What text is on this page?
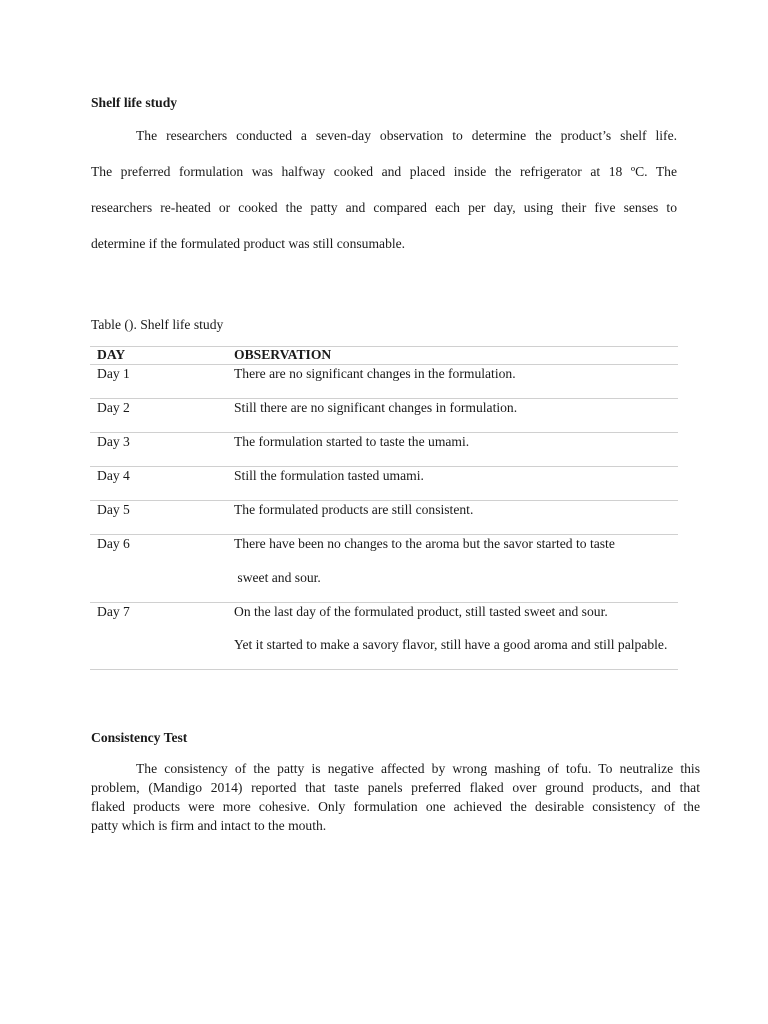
Shelf life study
The researchers conducted a seven-day observation to determine the product’s shelf life.
The preferred formulation was halfway cooked and placed inside the refrigerator at 18 ºC. The
researchers re-heated or cooked the patty and compared each per day, using their five senses to
determine if the formulated product was still consumable.
Table (). Shelf life study
DAY	OBSERVATION
Day 1	There are no significant changes in the formulation.
Day 2	Still there are no significant changes in formulation.
Day 3	The formulation started to taste the umami.
Day 4	Still the formulation tasted umami.
Day 5	The formulated products are still consistent.
Day 6	There have been no changes to the aroma but the savor started to taste
sweet and sour.
Day 7	On the last day of the formulated product, still tasted sweet and sour.
Yet it started to make a savory flavor, still have a good aroma and still palpable.
Consistency Test
The consistency of the patty is negative affected by wrong mashing of tofu. To neutralize this
problem, (Mandigo 2014) reported that taste panels preferred flaked over ground products, and that
flaked products were more cohesive. Only formulation one achieved the desirable consistency of the
patty which is firm and intact to the mouth.
